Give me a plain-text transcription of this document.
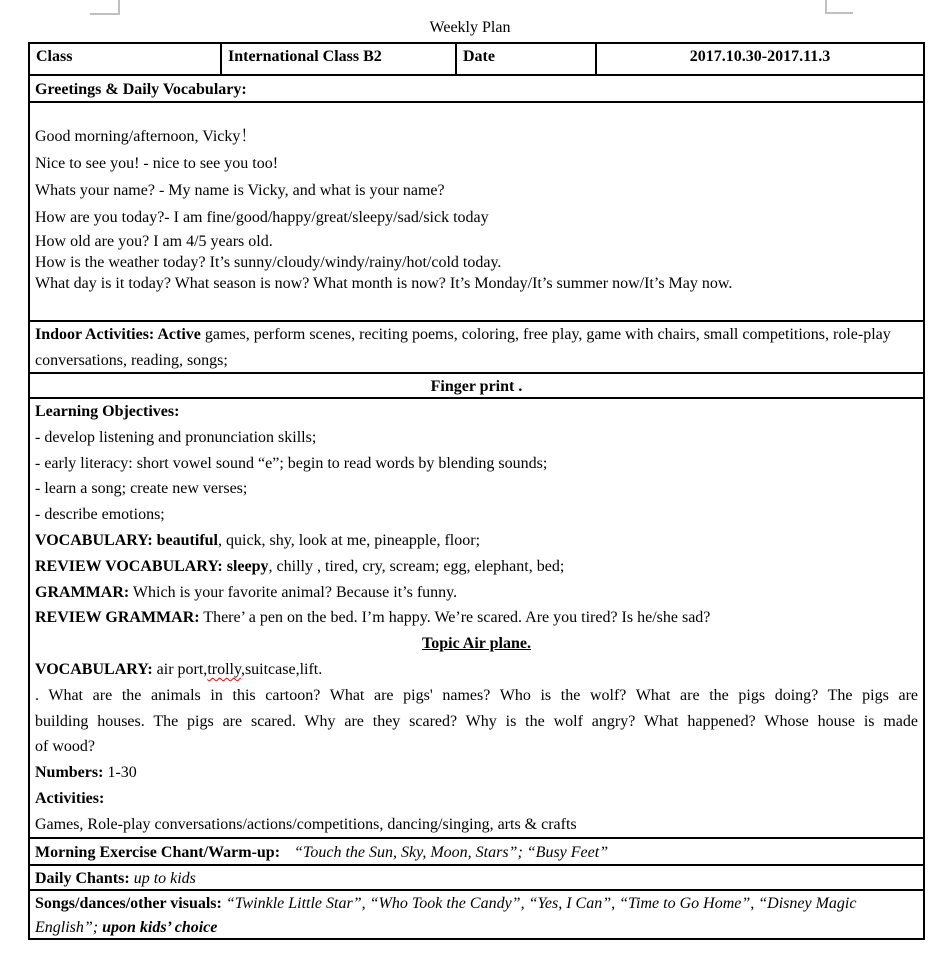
Weekly Plan
Class	International Class B2	Date	2017.10.30-2017.11.3
Greetings & Daily Vocabulary:
Good morning/afternoon, Vicky！
Nice to see you! - nice to see you too!
Whats your name? - My name is Vicky, and what is your name?
How are you today?- I am fine/good/happy/great/sleepy/sad/sick today
How old are you? I am 4/5 years old.
How is the weather today? It’s sunny/cloudy/windy/rainy/hot/cold today.
What day is it today? What season is now? What month is now? It’s Monday/It’s summer now/It’s May now.
Indoor Activities: Active games, perform scenes, reciting poems, coloring, free play, game with chairs, small competitions, role-play conversations, reading, songs;
Finger print .
Learning Objectives:
- develop listening and pronunciation skills;
- early literacy: short vowel sound “e”; begin to read words by blending sounds;
- learn a song; create new verses;
- describe emotions;
VOCABULARY: beautiful, quick, shy, look at me, pineapple, floor;
REVIEW VOCABULARY: sleepy, chilly , tired, cry, scream; egg, elephant, bed;
GRAMMAR: Which is your favorite animal? Because it’s funny.
REVIEW GRAMMAR: There’ a pen on the bed. I’m happy. We’re scared. Are you tired? Is he/she sad?
Topic Air plane.
VOCABULARY: air port,trolly,suitcase,lift.
. What are the animals in this cartoon? What are pigs' names? Who is the wolf? What are the pigs doing? The pigs are
building houses. The pigs are scared. Why are they scared? Why is the wolf angry? What happened? Whose house is made
of wood?
Numbers: 1-30
Activities:
Games, Role-play conversations/actions/competitions, dancing/singing, arts & crafts
Morning Exercise Chant/Warm-up: “Touch the Sun, Sky, Moon, Stars”; “Busy Feet”
Daily Chants: up to kids
Songs/dances/other visuals: “Twinkle Little Star”, “Who Took the Candy”, “Yes, I Can”, “Time to Go Home”, “Disney Magic English”; upon kids’ choice
